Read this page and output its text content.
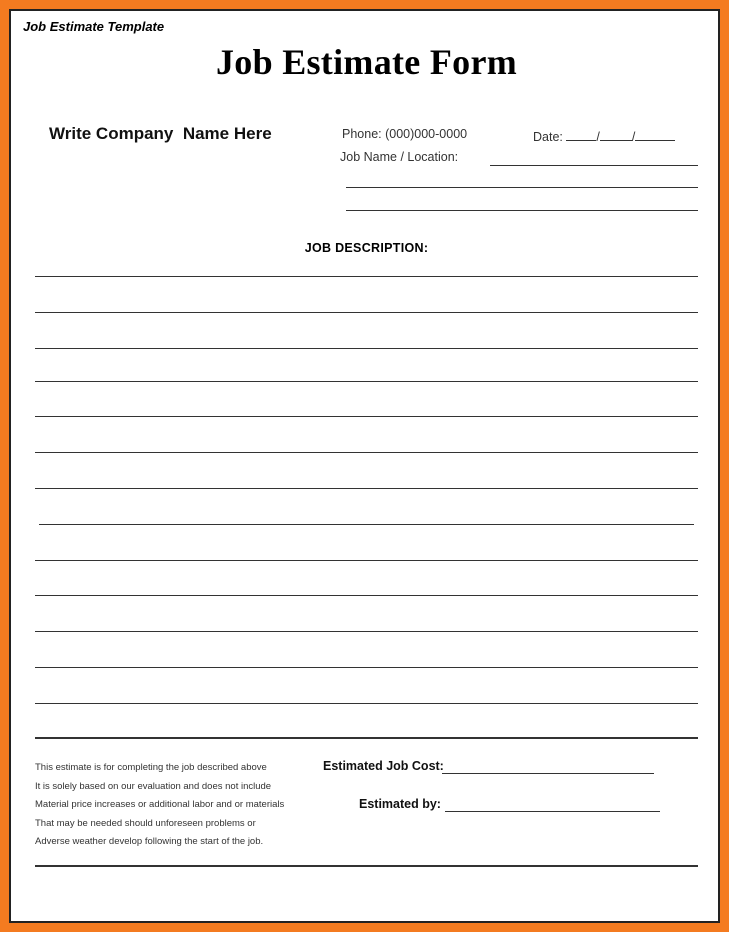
Job Estimate Template
Job Estimate Form
Write Company  Name Here	Phone: (000)000-0000	Date: /	/
Job Name / Location:
JOB DESCRIPTION:
This estimate is for completing the job described above
It is solely based on our evaluation and does not include
Material price increases or additional labor and or materials
That may be needed should unforeseen problems or
Adverse weather develop following the start of the job.
Estimated Job Cost:
Estimated by:
